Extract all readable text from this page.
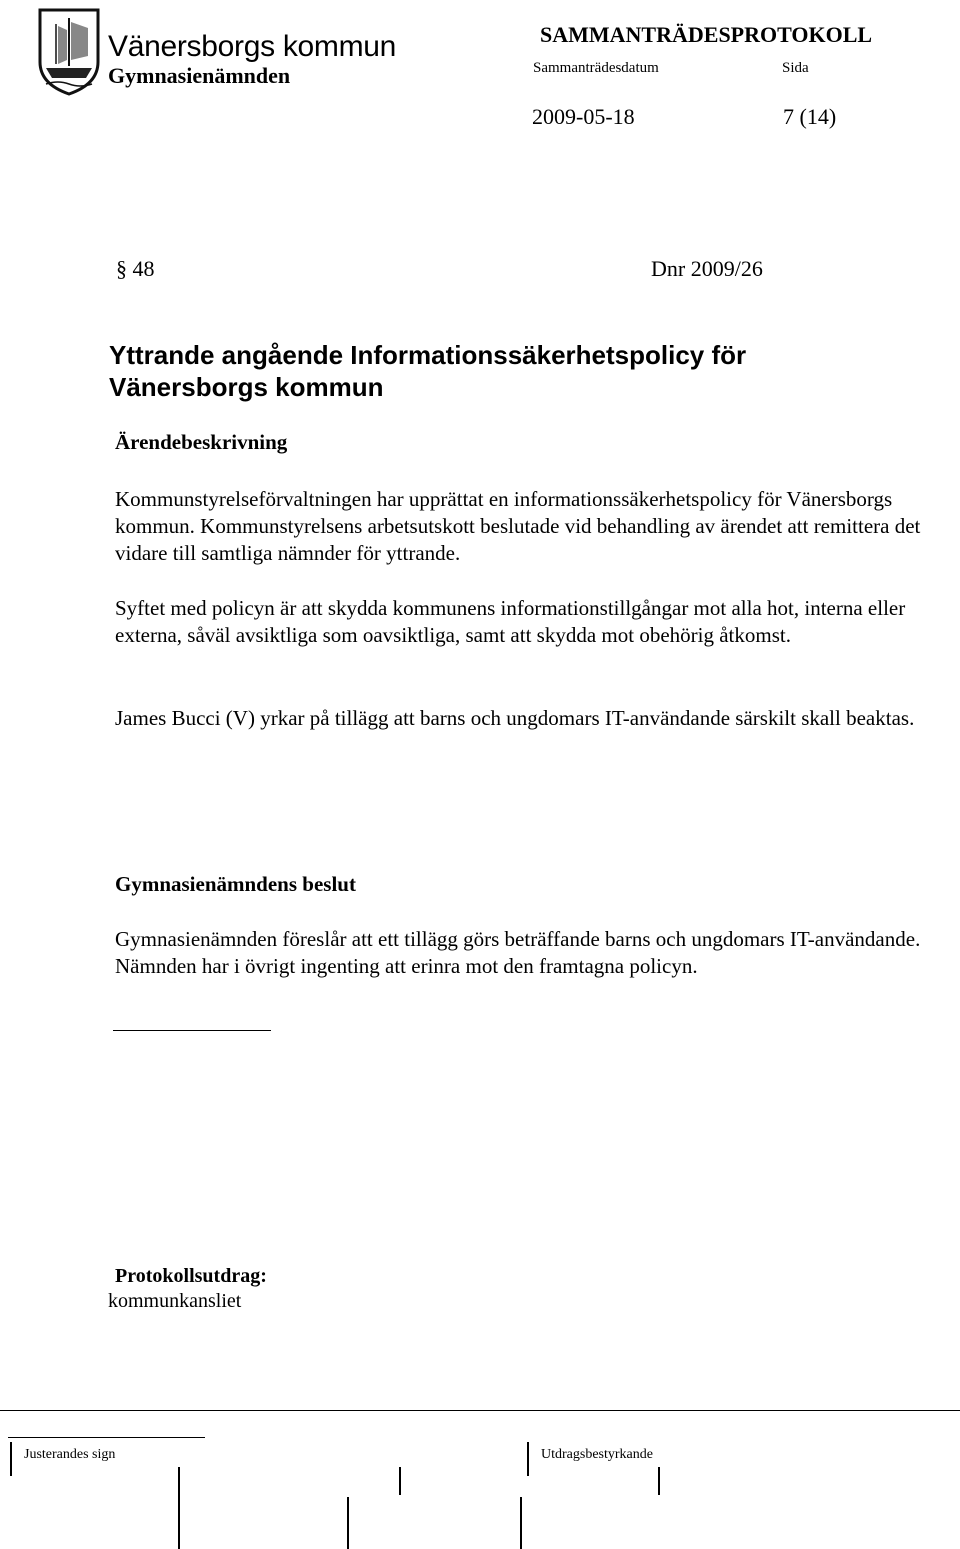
Vänersborgs kommun
Gymnasienämnden
SAMMANTRÄDESPROTOKOLL
Sammanträdesdatum	Sida
2009-05-18	7 (14)
§ 48	Dnr 2009/26
Yttrande angående Informationssäkerhetspolicy för Vänersborgs kommun
Ärendebeskrivning
Kommunstyrelseförvaltningen har upprättat en informationssäkerhetspolicy för Vänersborgs kommun. Kommunstyrelsens arbetsutskott beslutade vid behandling av ärendet att remittera det vidare till samtliga nämnder för yttrande.
Syftet med policyn är att skydda kommunens informationstillgångar mot alla hot, interna eller externa, såväl avsiktliga som oavsiktliga, samt att skydda mot obehörig åtkomst.
James Bucci (V) yrkar på tillägg att barns och ungdomars IT-användande särskilt skall beaktas.
Gymnasienämndens beslut
Gymnasienämnden föreslår att ett tillägg görs beträffande barns och ungdomars IT-användande. Nämnden har i övrigt ingenting att erinra mot den framtagna policyn.
Protokollsutdrag:
kommunkansliet
Justerandes sign	Utdragsbestyrkande
